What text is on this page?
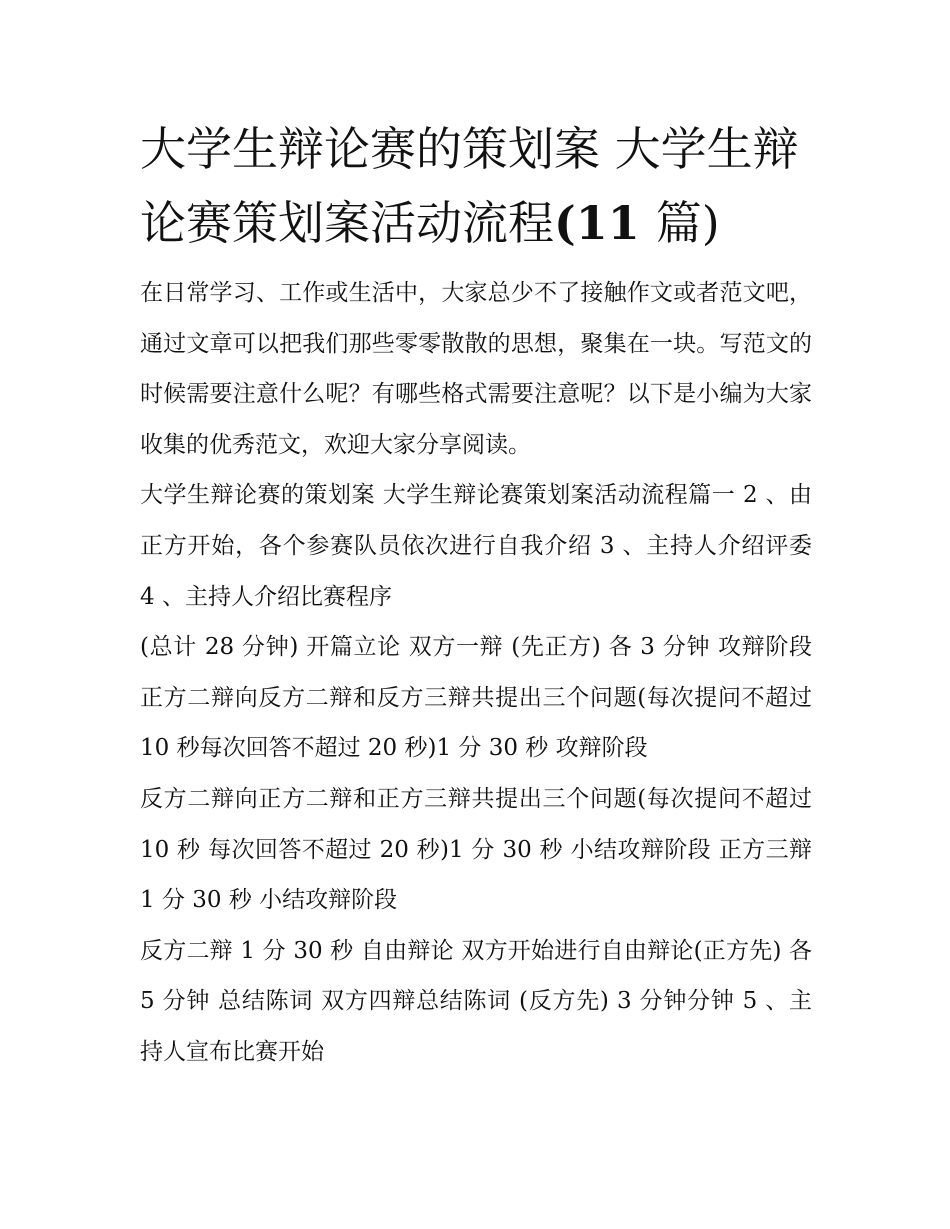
大学生辩论赛的策划案 大学生辩论赛策划案活动流程(11 篇)

在日常学习、工作或生活中，大家总少不了接触作文或者范文吧，通过文章可以把我们那些零零散散的思想，聚集在一块。写范文的时候需要注意什么呢？有哪些格式需要注意呢？以下是小编为大家收集的优秀范文，欢迎大家分享阅读。

大学生辩论赛的策划案 大学生辩论赛策划案活动流程篇一 2 、由正方开始，各个参赛队员依次进行自我介绍 3 、主持人介绍评委 4 、主持人介绍比赛程序

(总计 28 分钟) 开篇立论 双方一辩 (先正方) 各 3 分钟 攻辩阶段 正方二辩向反方二辩和反方三辩共提出三个问题(每次提问不超过 10 秒每次回答不超过 20 秒)1 分 30 秒 攻辩阶段

反方二辩向正方二辩和正方三辩共提出三个问题(每次提问不超过 10 秒 每次回答不超过 20 秒)1 分 30 秒 小结攻辩阶段 正方三辩 1 分 30 秒 小结攻辩阶段

反方二辩 1 分 30 秒 自由辩论 双方开始进行自由辩论(正方先) 各 5 分钟 总结陈词 双方四辩总结陈词 (反方先) 3 分钟分钟 5 、主持人宣布比赛开始
